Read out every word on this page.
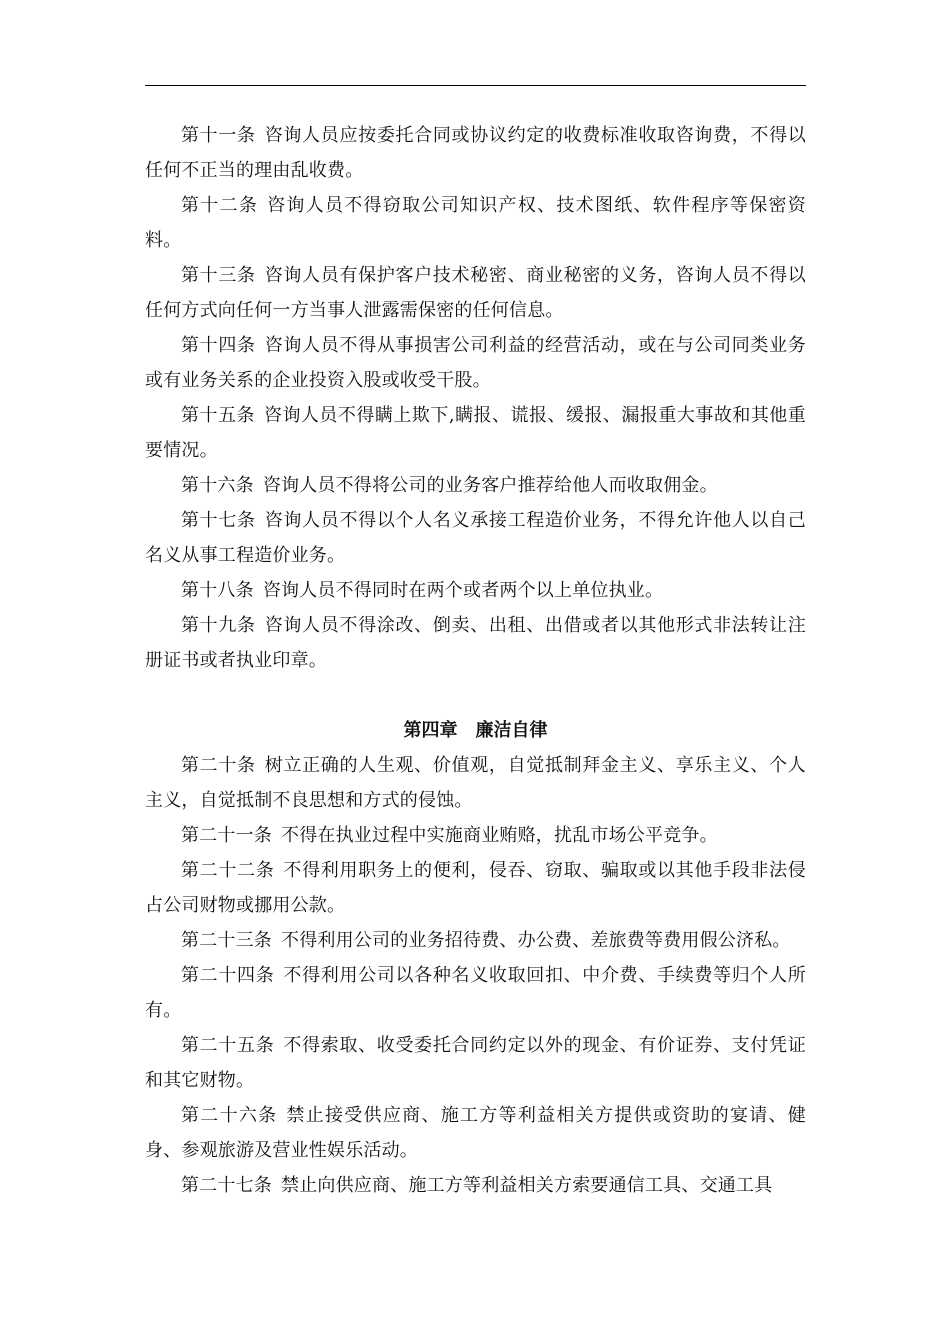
第十一条 咨询人员应按委托合同或协议约定的收费标准收取咨询费，不得以任何不正当的理由乱收费。

第十二条 咨询人员不得窃取公司知识产权、技术图纸、软件程序等保密资料。

第十三条 咨询人员有保护客户技术秘密、商业秘密的义务，咨询人员不得以任何方式向任何一方当事人泄露需保密的任何信息。

第十四条 咨询人员不得从事损害公司利益的经营活动，或在与公司同类业务或有业务关系的企业投资入股或收受干股。

第十五条 咨询人员不得瞒上欺下,瞒报、谎报、缓报、漏报重大事故和其他重要情况。

第十六条 咨询人员不得将公司的业务客户推荐给他人而收取佣金。

第十七条 咨询人员不得以个人名义承接工程造价业务，不得允许他人以自己名义从事工程造价业务。

第十八条 咨询人员不得同时在两个或者两个以上单位执业。

第十九条 咨询人员不得涂改、倒卖、出租、出借或者以其他形式非法转让注册证书或者执业印章。

第四章 廉洁自律

第二十条 树立正确的人生观、价值观，自觉抵制拜金主义、享乐主义、个人主义，自觉抵制不良思想和方式的侵蚀。

第二十一条 不得在执业过程中实施商业贿赂，扰乱市场公平竞争。

第二十二条 不得利用职务上的便利，侵吞、窃取、骗取或以其他手段非法侵占公司财物或挪用公款。

第二十三条 不得利用公司的业务招待费、办公费、差旅费等费用假公济私。

第二十四条 不得利用公司以各种名义收取回扣、中介费、手续费等归个人所有。

第二十五条 不得索取、收受委托合同约定以外的现金、有价证券、支付凭证和其它财物。

第二十六条 禁止接受供应商、施工方等利益相关方提供或资助的宴请、健身、参观旅游及营业性娱乐活动。

第二十七条 禁止向供应商、施工方等利益相关方索要通信工具、交通工具
